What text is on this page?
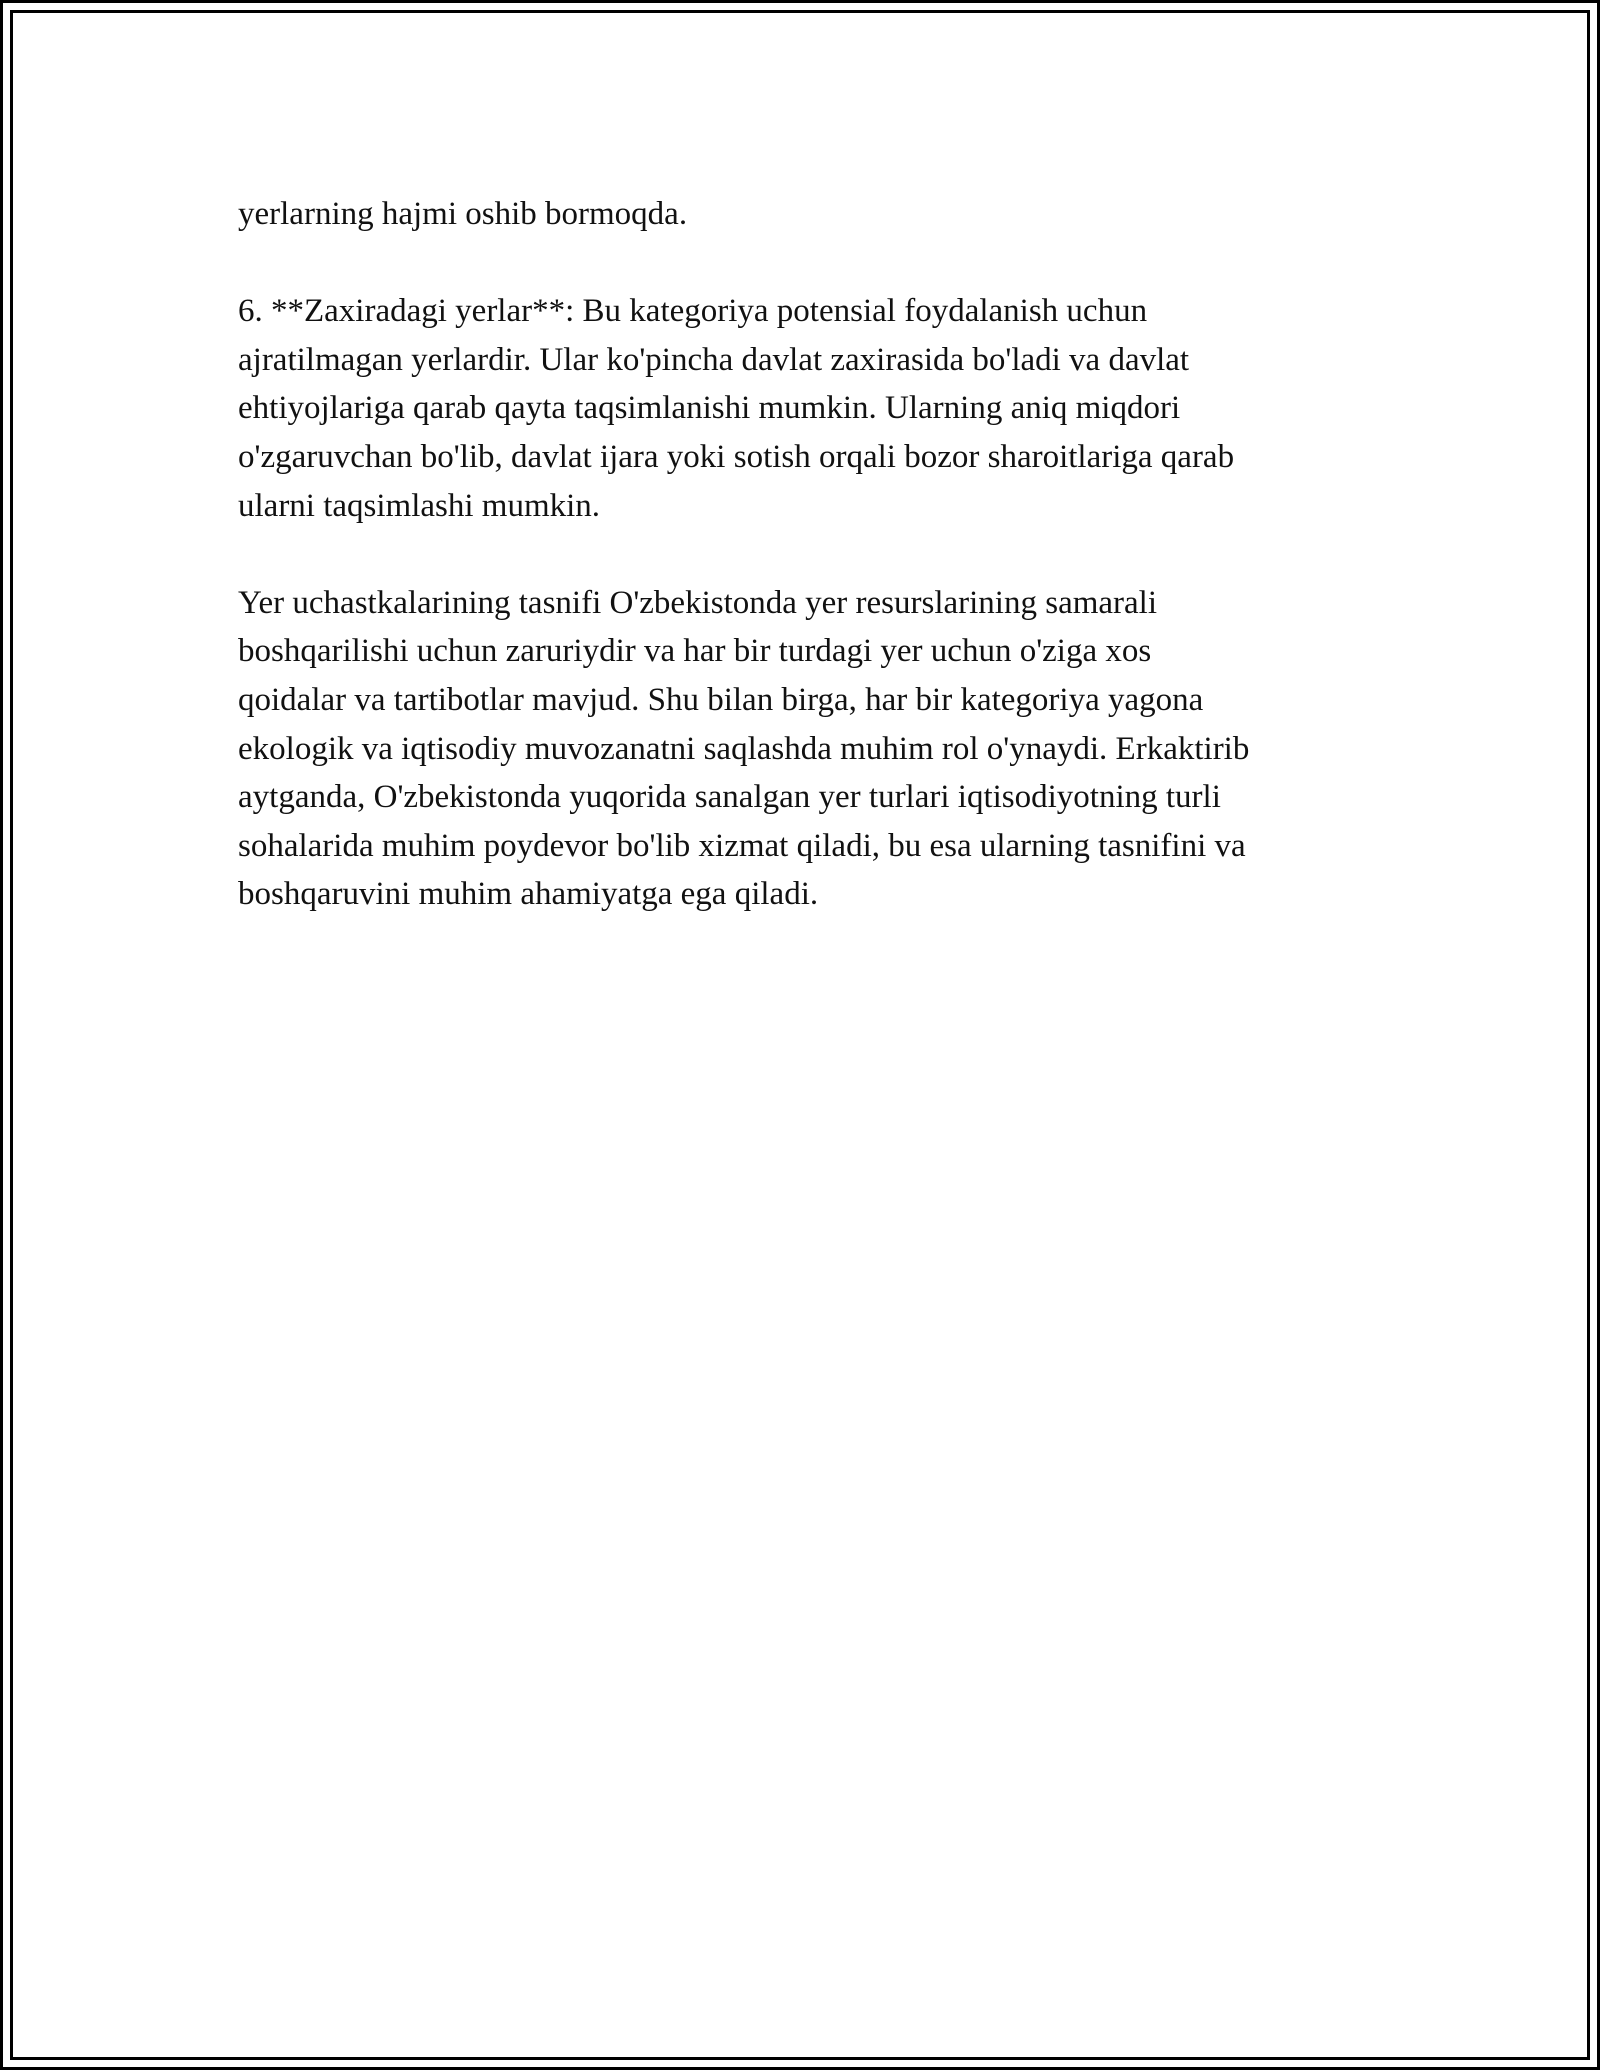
yerlarning hajmi oshib bormoqda.

6. **Zaxiradagi yerlar**: Bu kategoriya potensial foydalanish uchun
ajratilmagan yerlardir. Ular ko'pincha davlat zaxirasida bo'ladi va davlat
ehtiyojlariga qarab qayta taqsimlanishi mumkin. Ularning aniq miqdori
o'zgaruvchan bo'lib, davlat ijara yoki sotish orqali bozor sharoitlariga qarab
ularni taqsimlashi mumkin.

Yer uchastkalarining tasnifi O'zbekistonda yer resurslarining samarali
boshqarilishi uchun zaruriydir va har bir turdagi yer uchun o'ziga xos
qoidalar va tartibotlar mavjud. Shu bilan birga, har bir kategoriya yagona
ekologik va iqtisodiy muvozanatni saqlashda muhim rol o'ynaydi. Erkaktirib
aytganda, O'zbekistonda yuqorida sanalgan yer turlari iqtisodiyotning turli
sohalarida muhim poydevor bo'lib xizmat qiladi, bu esa ularning tasnifini va
boshqaruvini muhim ahamiyatga ega qiladi.
